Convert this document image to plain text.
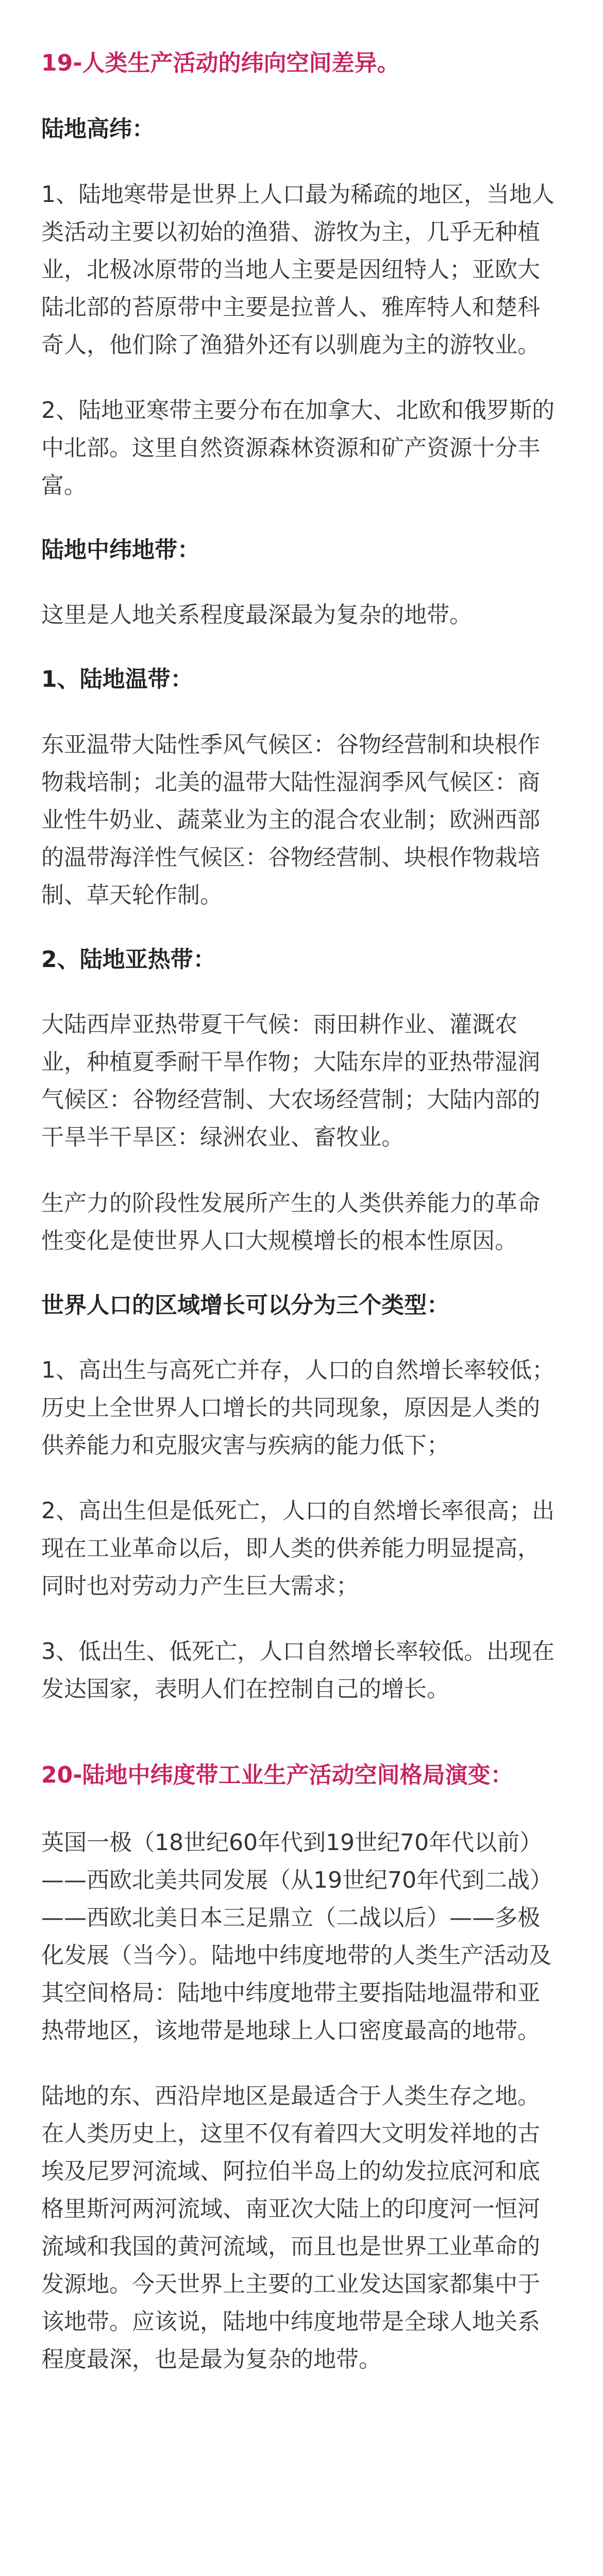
19-人类生产活动的纬向空间差异。
陆地高纬：

1、陆地寒带是世界上人口最为稀疏的地区，当地人类活动主要以初始的渔猎、游牧为主，几乎无种植业，北极冰原带的当地人主要是因纽特人；亚欧大陆北部的苔原带中主要是拉普人、雅库特人和楚科奇人，他们除了渔猎外还有以驯鹿为主的游牧业。

2、陆地亚寒带主要分布在加拿大、北欧和俄罗斯的中北部。这里自然资源森林资源和矿产资源十分丰富。

陆地中纬地带：

这里是人地关系程度最深最为复杂的地带。

1、陆地温带：

东亚温带大陆性季风气候区：谷物经营制和块根作物栽培制；北美的温带大陆性湿润季风气候区：商业性牛奶业、蔬菜业为主的混合农业制；欧洲西部的温带海洋性气候区：谷物经营制、块根作物栽培制、草天轮作制。

2、陆地亚热带：

大陆西岸亚热带夏干气候：雨田耕作业、灌溉农业，种植夏季耐干旱作物；大陆东岸的亚热带湿润气候区：谷物经营制、大农场经营制；大陆内部的干旱半干旱区：绿洲农业、畜牧业。

生产力的阶段性发展所产生的人类供养能力的革命性变化是使世界人口大规模增长的根本性原因。

世界人口的区域增长可以分为三个类型：

1、高出生与高死亡并存，人口的自然增长率较低；历史上全世界人口增长的共同现象，原因是人类的供养能力和克服灾害与疾病的能力低下；

2、高出生但是低死亡，人口的自然增长率很高；出现在工业革命以后，即人类的供养能力明显提高，同时也对劳动力产生巨大需求；

3、低出生、低死亡，人口自然增长率较低。出现在发达国家，表明人们在控制自己的增长。

20-陆地中纬度带工业生产活动空间格局演变：

英国一极（18世纪60年代到19世纪70年代以前）——西欧北美共同发展（从19世纪70年代到二战）——西欧北美日本三足鼎立（二战以后）——多极化发展（当今）。陆地中纬度地带的人类生产活动及其空间格局：陆地中纬度地带主要指陆地温带和亚热带地区，该地带是地球上人口密度最高的地带。

陆地的东、西沿岸地区是最适合于人类生存之地。在人类历史上，这里不仅有着四大文明发祥地的古埃及尼罗河流域、阿拉伯半岛上的幼发拉底河和底格里斯河两河流域、南亚次大陆上的印度河一恒河流域和我国的黄河流域，而且也是世界工业革命的发源地。今天世界上主要的工业发达国家都集中于该地带。应该说，陆地中纬度地带是全球人地关系程度最深，也是最为复杂的地带。
